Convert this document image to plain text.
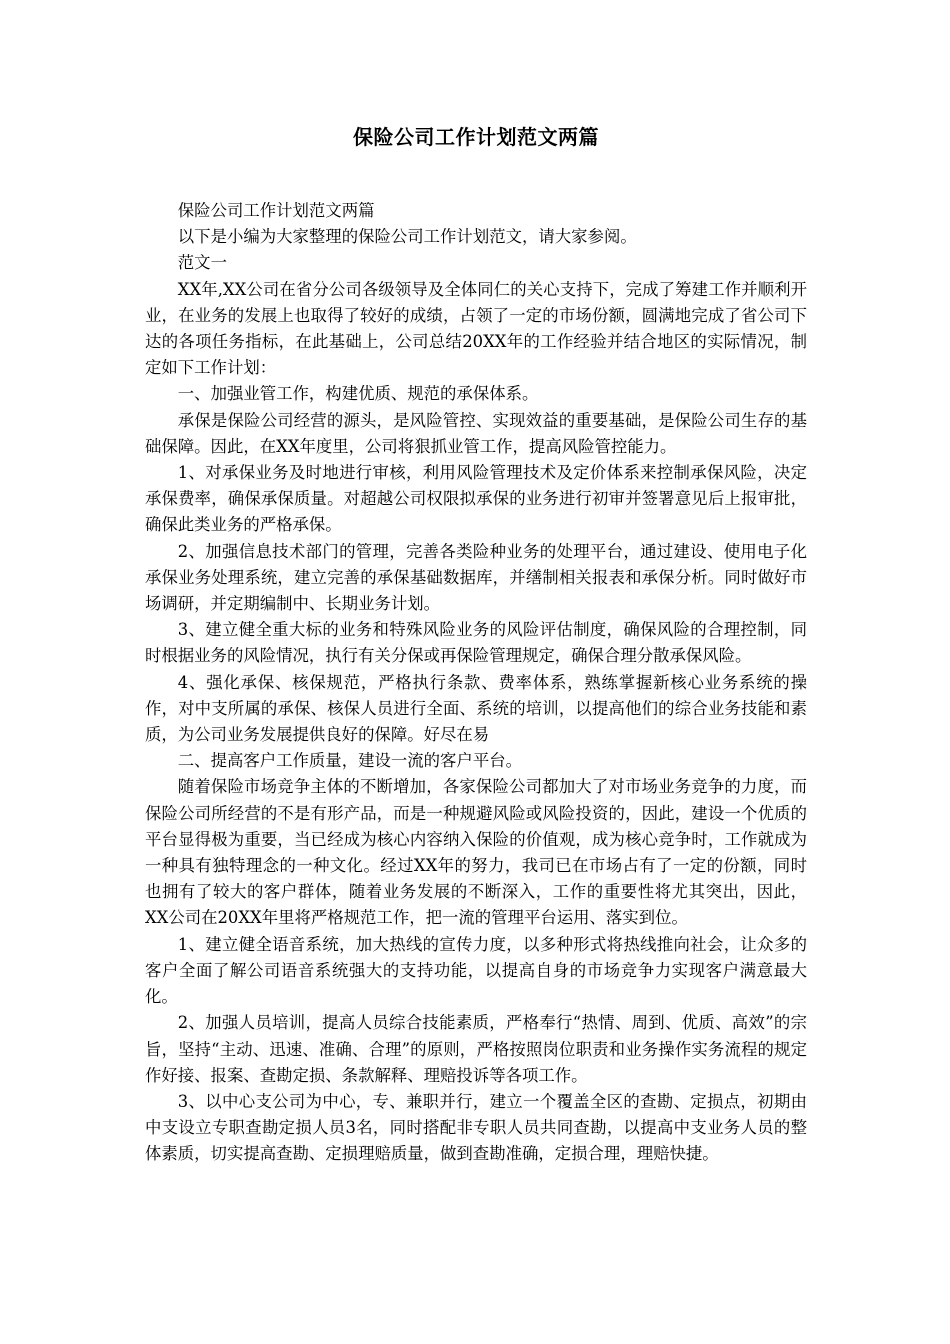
保险公司工作计划范文两篇

保险公司工作计划范文两篇

以下是小编为大家整理的保险公司工作计划范文，请大家参阅。

范文一

XX年,XX公司在省分公司各级领导及全体同仁的关心支持下，完成了筹建工作并顺利开业，在业务的发展上也取得了较好的成绩，占领了一定的市场份额，圆满地完成了省公司下达的各项任务指标，在此基础上，公司总结20XX年的工作经验并结合地区的实际情况，制定如下工作计划：

一、加强业管工作，构建优质、规范的承保体系。

承保是保险公司经营的源头，是风险管控、实现效益的重要基础，是保险公司生存的基础保障。因此，在XX年度里，公司将狠抓业管工作，提高风险管控能力。

1、对承保业务及时地进行审核，利用风险管理技术及定价体系来控制承保风险，决定承保费率，确保承保质量。对超越公司权限拟承保的业务进行初审并签署意见后上报审批，确保此类业务的严格承保。

2、加强信息技术部门的管理，完善各类险种业务的处理平台，通过建设、使用电子化承保业务处理系统，建立完善的承保基础数据库，并缮制相关报表和承保分析。同时做好市场调研，并定期编制中、长期业务计划。

3、建立健全重大标的业务和特殊风险业务的风险评估制度，确保风险的合理控制，同时根据业务的风险情况，执行有关分保或再保险管理规定，确保合理分散承保风险。

4、强化承保、核保规范，严格执行条款、费率体系，熟练掌握新核心业务系统的操作，对中支所属的承保、核保人员进行全面、系统的培训，以提高他们的综合业务技能和素质，为公司业务发展提供良好的保障。好尽在易

二、提高客户工作质量，建设一流的客户平台。

随着保险市场竞争主体的不断增加，各家保险公司都加大了对市场业务竞争的力度，而保险公司所经营的不是有形产品，而是一种规避风险或风险投资的，因此，建设一个优质的平台显得极为重要，当已经成为核心内容纳入保险的价值观，成为核心竞争时，工作就成为一种具有独特理念的一种文化。经过XX年的努力，我司已在市场占有了一定的份额，同时也拥有了较大的客户群体，随着业务发展的不断深入，工作的重要性将尤其突出，因此，XX公司在20XX年里将严格规范工作，把一流的管理平台运用、落实到位。

1、建立健全语音系统，加大热线的宣传力度，以多种形式将热线推向社会，让众多的客户全面了解公司语音系统强大的支持功能，以提高自身的市场竞争力实现客户满意最大化。

2、加强人员培训，提高人员综合技能素质，严格奉行“热情、周到、优质、高效”的宗旨，坚持“主动、迅速、准确、合理”的原则，严格按照岗位职责和业务操作实务流程的规定作好接、报案、查勘定损、条款解释、理赔投诉等各项工作。

3、以中心支公司为中心，专、兼职并行，建立一个覆盖全区的查勘、定损点，初期由中支设立专职查勘定损人员3名，同时搭配非专职人员共同查勘，以提高中支业务人员的整体素质，切实提高查勘、定损理赔质量，做到查勘准确，定损合理，理赔快捷。
